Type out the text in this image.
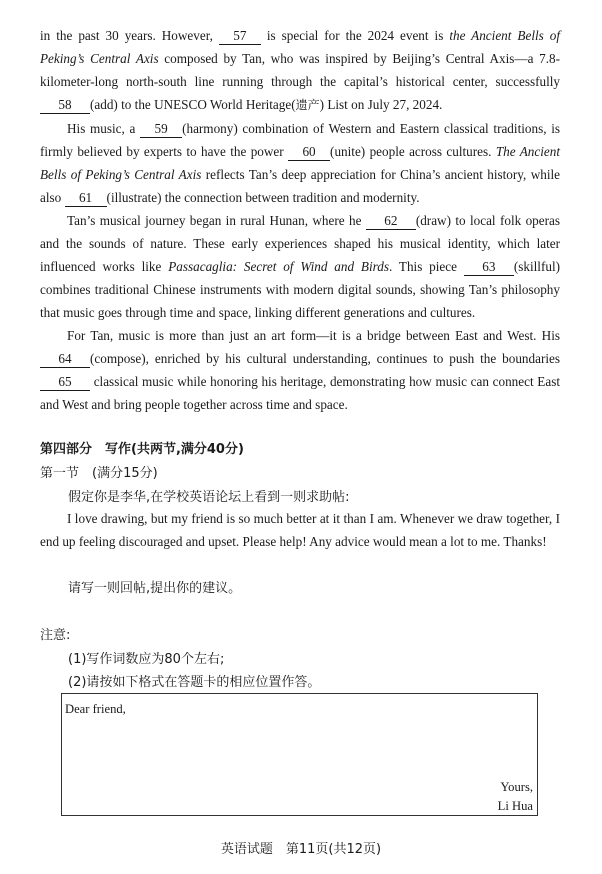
in the past 30 years. However, 57 is special for the 2024 event is the Ancient Bells of Peking’s Central Axis composed by Tan, who was inspired by Beijing’s Central Axis—a 7.8-kilometer-long north-south line running through the capital’s historical center, successfully 58 (add) to the UNESCO World Heritage(遗产) List on July 27, 2024.

His music, a 59 (harmony) combination of Western and Eastern classical traditions, is firmly believed by experts to have the power 60 (unite) people across cultures. The Ancient Bells of Peking’s Central Axis reflects Tan’s deep appreciation for China’s ancient history, while also 61 (illustrate) the connection between tradition and modernity.

Tan’s musical journey began in rural Hunan, where he 62 (draw) to local folk operas and the sounds of nature. These early experiences shaped his musical identity, which later influenced works like Passacaglia: Secret of Wind and Birds. This piece 63 (skillful) combines traditional Chinese instruments with modern digital sounds, showing Tan’s philosophy that music goes through time and space, linking different generations and cultures.

For Tan, music is more than just an art form—it is a bridge between East and West. His 64 (compose), enriched by his cultural understanding, continues to push the boundaries 65 classical music while honoring his heritage, demonstrating how music can connect East and West and bring people together across time and space.

第四部分　写作(共两节,满分40分)
第一节　(满分15分)
假定你是李华,在学校英语论坛上看到一则求助帖:

I love drawing, but my friend is so much better at it than I am. Whenever we draw together, I end up feeling discouraged and upset. Please help! Any advice would mean a lot to me. Thanks!

请写一则回帖,提出你的建议。
注意:
(1)写作词数应为80个左右;
(2)请按如下格式在答题卡的相应位置作答。
Dear friend,
Yours,
Li Hua
英语试题　第11页(共12页)
